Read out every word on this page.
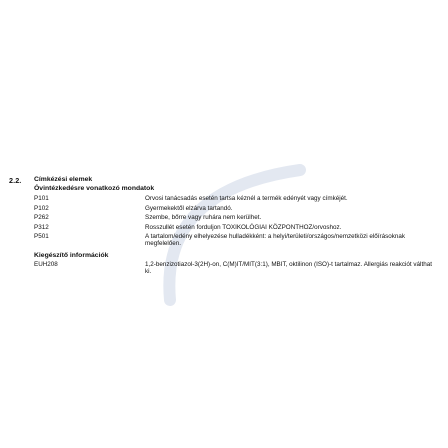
2.2. Címkézési elemek
Óvintézkedésre vonatkozó mondatok
P101	Orvosi tanácsadás esetén tartsa kéznél a termék edényét vagy címkéjét.
P102	Gyermekektől elzárva tartandó.
P262	Szembe, bőrre vagy ruhára nem kerülhet.
P312	Rosszullét esetén forduljon TOXIKOLÓGIAI KÖZPONTHOZ/orvoshoz.
P501	A tartalom/edény elhelyezése hulladékként: a helyi/területi/országos/nemzetközi előírásoknak megfelelően.
Kiegészítő információk
EUH208	1,2-benzizotiazol-3(2H)-on, C(M)IT/MIT(3:1), MBIT, oktilinon (ISO)-t tartalmaz. Allergiás reakciót válthat ki.
